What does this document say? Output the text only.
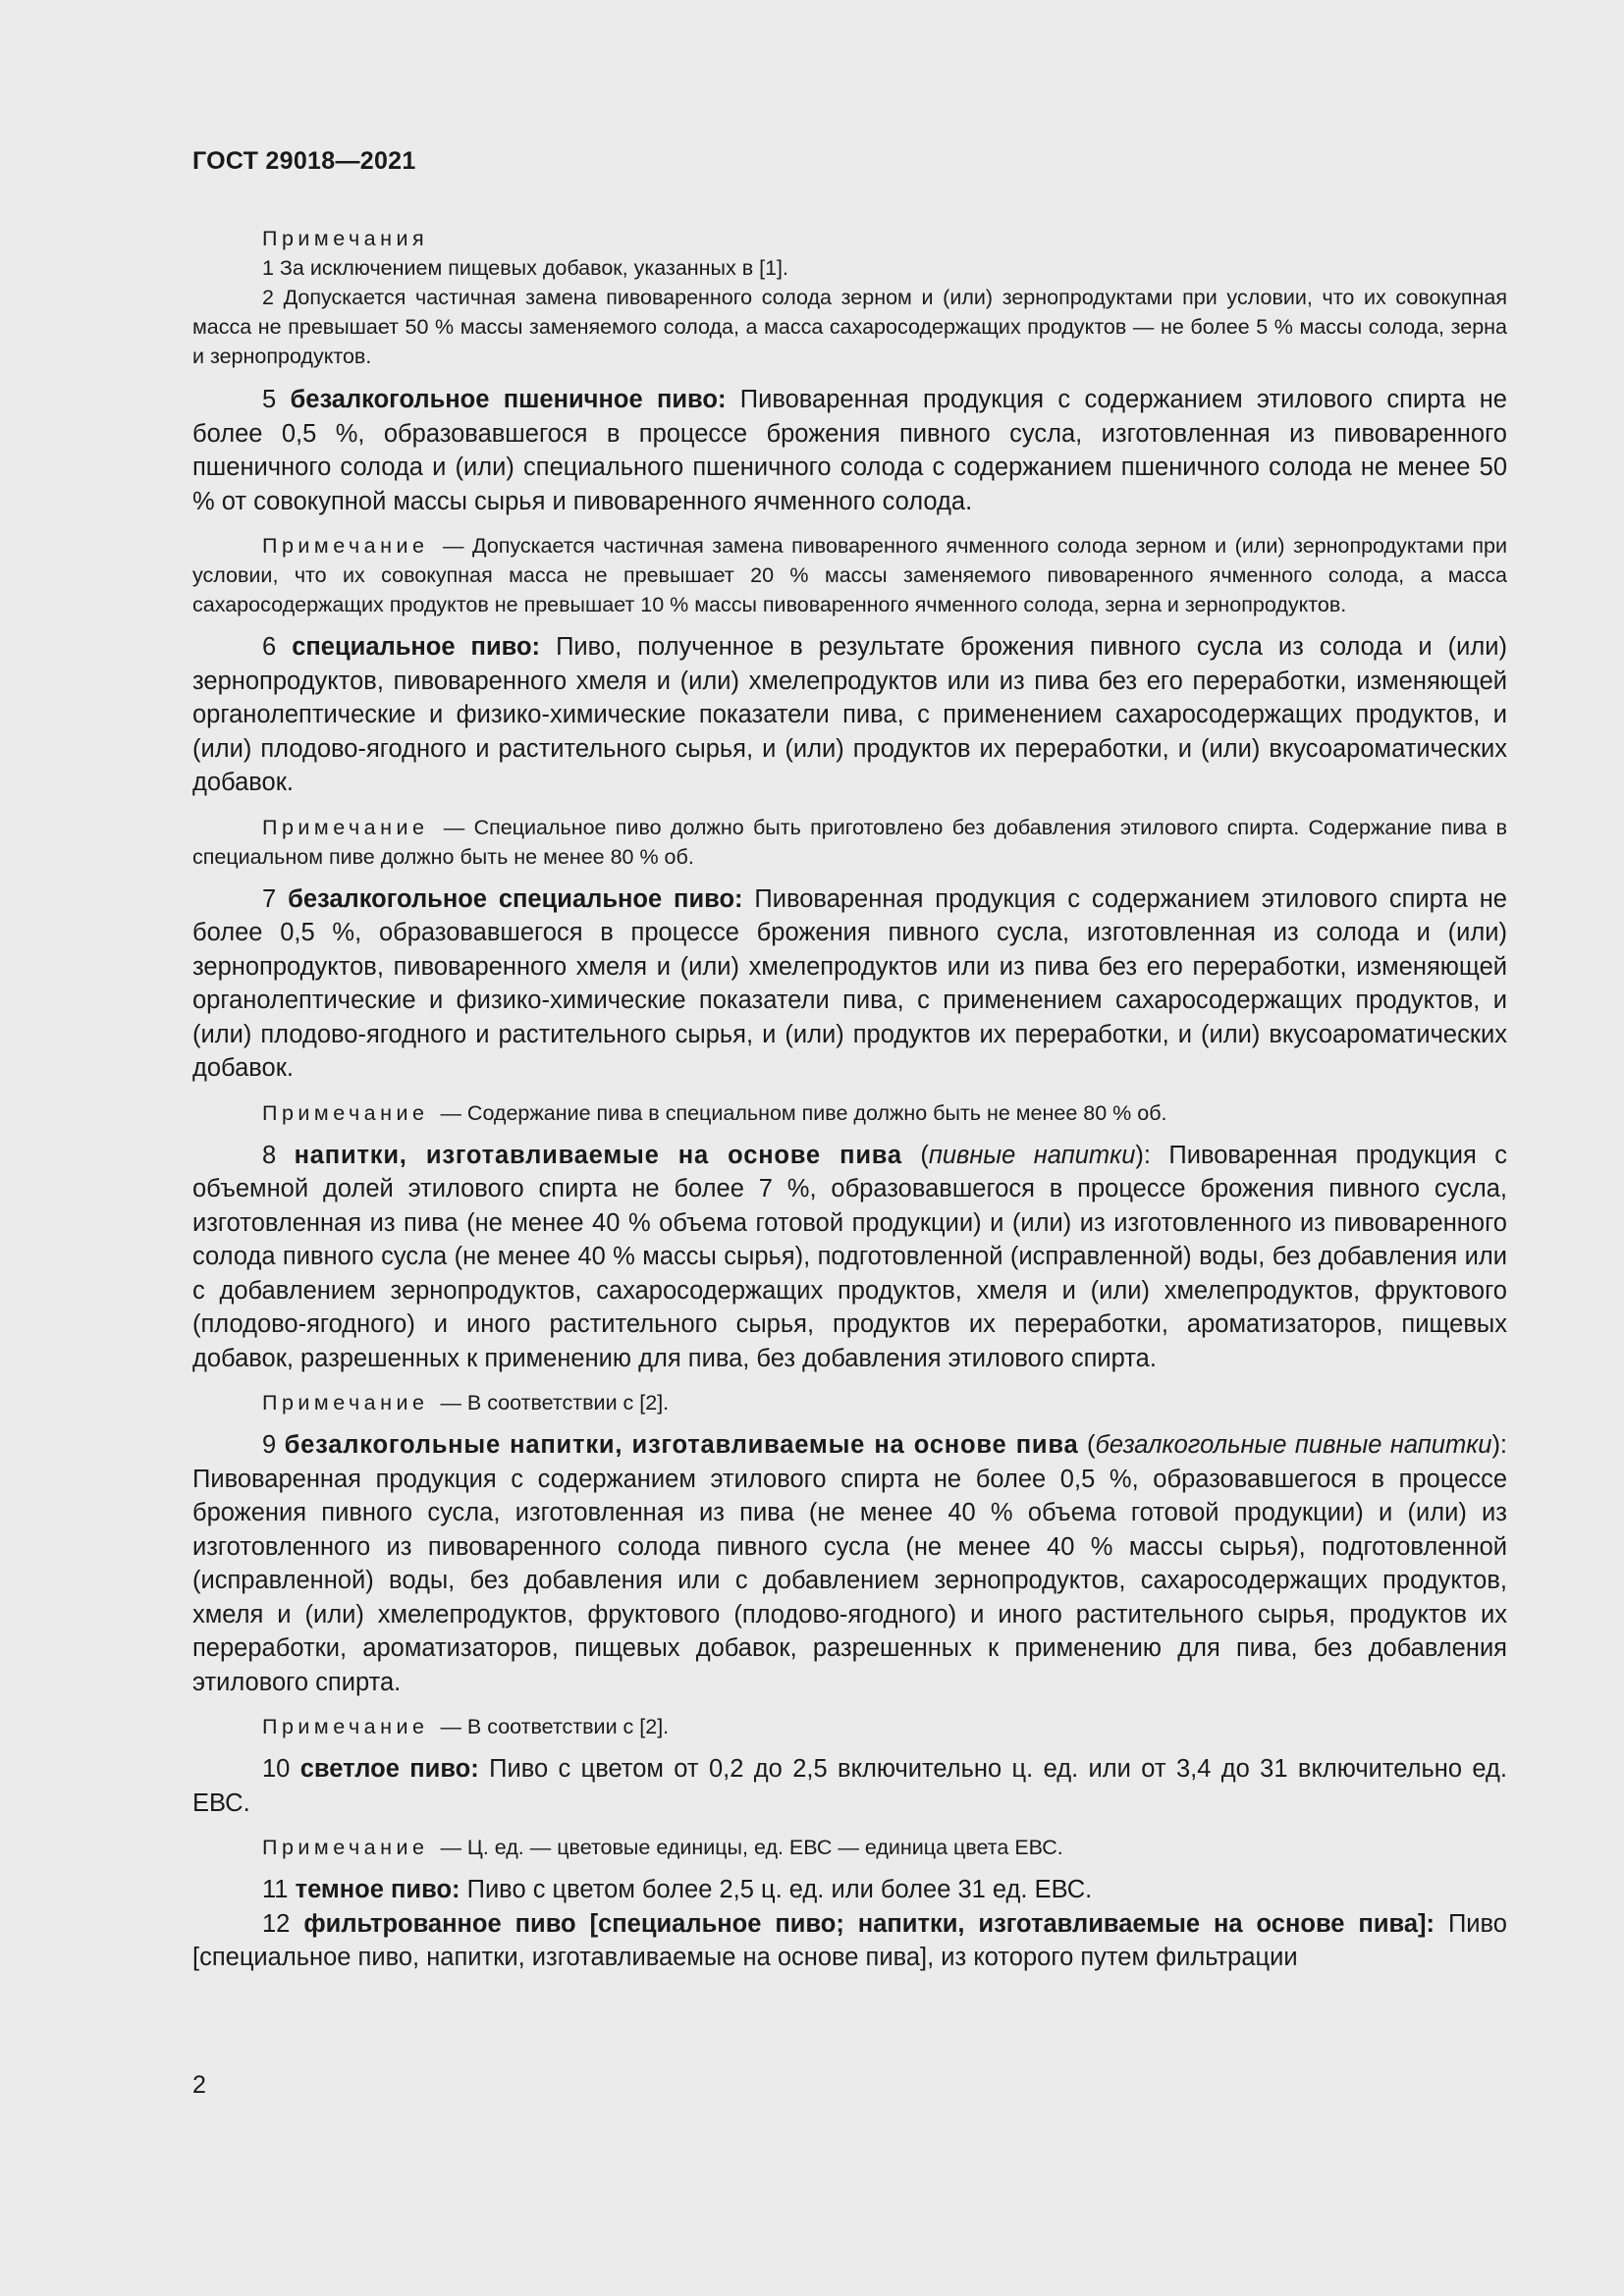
ГОСТ 29018—2021

Примечания

1 За исключением пищевых добавок, указанных в [1].

2 Допускается частичная замена пивоваренного солода зерном и (или) зернопродуктами при условии, что их совокупная масса не превышает 50 % массы заменяемого солода, а масса сахаросодержащих продуктов — не более 5 % массы солода, зерна и зернопродуктов.

5 безалкогольное пшеничное пиво: Пивоваренная продукция с содержанием этилового спирта не более 0,5 %, образовавшегося в процессе брожения пивного сусла, изготовленная из пивоваренного пшеничного солода и (или) специального пшеничного солода с содержанием пшеничного солода не менее 50 % от совокупной массы сырья и пивоваренного ячменного солода.

Примечание — Допускается частичная замена пивоваренного ячменного солода зерном и (или) зернопродуктами при условии, что их совокупная масса не превышает 20 % массы заменяемого пивоваренного ячменного солода, а масса сахаросодержащих продуктов не превышает 10 % массы пивоваренного ячменного солода, зерна и зернопродуктов.

6 специальное пиво: Пиво, полученное в результате брожения пивного сусла из солода и (или) зернопродуктов, пивоваренного хмеля и (или) хмелепродуктов или из пива без его переработки, изменяющей органолептические и физико-химические показатели пива, с применением сахаросодержащих продуктов, и (или) плодово-ягодного и растительного сырья, и (или) продуктов их переработки, и (или) вкусоароматических добавок.

Примечание — Специальное пиво должно быть приготовлено без добавления этилового спирта. Содержание пива в специальном пиве должно быть не менее 80 % об.

7 безалкогольное специальное пиво: Пивоваренная продукция с содержанием этилового спирта не более 0,5 %, образовавшегося в процессе брожения пивного сусла, изготовленная из солода и (или) зернопродуктов, пивоваренного хмеля и (или) хмелепродуктов или из пива без его переработки, изменяющей органолептические и физико-химические показатели пива, с применением сахаросодержащих продуктов, и (или) плодово-ягодного и растительного сырья, и (или) продуктов их переработки, и (или) вкусоароматических добавок.

Примечание — Содержание пива в специальном пиве должно быть не менее 80 % об.

8 напитки, изготавливаемые на основе пива (пивные напитки): Пивоваренная продукция с объемной долей этилового спирта не более 7 %, образовавшегося в процессе брожения пивного сусла, изготовленная из пива (не менее 40 % объема готовой продукции) и (или) из изготовленного из пивоваренного солода пивного сусла (не менее 40 % массы сырья), подготовленной (исправленной) воды, без добавления или с добавлением зернопродуктов, сахаросодержащих продуктов, хмеля и (или) хмелепродуктов, фруктового (плодово-ягодного) и иного растительного сырья, продуктов их переработки, ароматизаторов, пищевых добавок, разрешенных к применению для пива, без добавления этилового спирта.

Примечание — В соответствии с [2].

9 безалкогольные напитки, изготавливаемые на основе пива (безалкогольные пивные напитки): Пивоваренная продукция с содержанием этилового спирта не более 0,5 %, образовавшегося в процессе брожения пивного сусла, изготовленная из пива (не менее 40 % объема готовой продукции) и (или) из изготовленного из пивоваренного солода пивного сусла (не менее 40 % массы сырья), подготовленной (исправленной) воды, без добавления или с добавлением зернопродуктов, сахаросодержащих продуктов, хмеля и (или) хмелепродуктов, фруктового (плодово-ягодного) и иного растительного сырья, продуктов их переработки, ароматизаторов, пищевых добавок, разрешенных к применению для пива, без добавления этилового спирта.

Примечание — В соответствии с [2].

10 светлое пиво: Пиво с цветом от 0,2 до 2,5 включительно ц. ед. или от 3,4 до 31 включительно ед. ЕВС.

Примечание — Ц. ед. — цветовые единицы, ед. ЕВС — единица цвета ЕВС.

11 темное пиво: Пиво с цветом более 2,5 ц. ед. или более 31 ед. ЕВС.

12 фильтрованное пиво [специальное пиво; напитки, изготавливаемые на основе пива]: Пиво [специальное пиво, напитки, изготавливаемые на основе пива], из которого путем фильтрации

2
